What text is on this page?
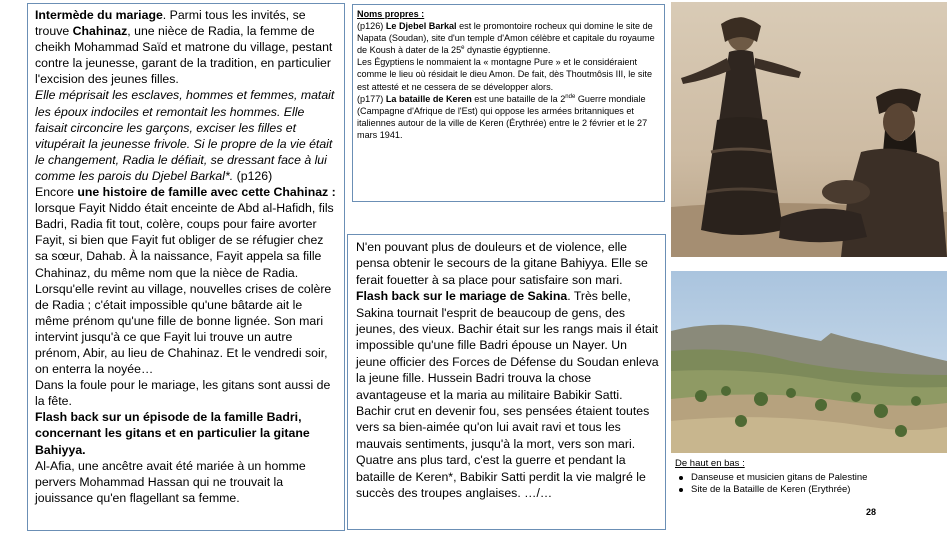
Intermède du mariage. Parmi tous les invités, se trouve Chahinaz, une nièce de Radia, la femme de cheikh Mohammad Saïd et matrone du village, pestant contre la jeunesse, garant de la tradition, en particulier l'excision des jeunes filles.

Elle méprisait les esclaves, hommes et femmes, matait les époux indociles et remontait les hommes. Elle faisait circoncire les garçons, exciser les filles et vitupérait la jeunesse frivole. Si le propre de la vie était le changement, Radia le défiait, se dressant face à lui comme les parois du Djebel Barkal*. (p126)

Encore une histoire de famille avec cette Chahinaz :
lorsque Fayit Niddo était enceinte de Abd al-Hafidh, fils Badri, Radia fit tout, colère, coups pour faire avorter Fayit, si bien que Fayit fut obliger de se réfugier chez sa sœur, Dahab. À la naissance, Fayit appela sa fille Chahinaz, du même nom que la nièce de Radia. Lorsqu'elle revint au village, nouvelles crises de colère de Radia ; c'était impossible qu'une bâtarde ait le même prénom qu'une fille de bonne lignée. Son mari intervint jusqu'à ce que Fayit lui trouve un autre prénom, Abir, au lieu de Chahinaz. Et le vendredi soir, on enterra la noyée…

Dans la foule pour le mariage, les gitans sont aussi de la fête.

Flash back sur un épisode de la famille Badri, concernant les gitans et en particulier la gitane Bahiyya.

Al-Afia, une ancêtre avait été mariée à un homme pervers Mohammad Hassan qui ne trouvait la jouissance qu'en flagellant sa femme.

Noms propres :

(p126) Le Djebel Barkal est le promontoire rocheux qui domine le site de Napata (Soudan), site d'un temple d'Amon célèbre et capitale du royaume de Koush à dater de la 25e dynastie égyptienne.

Les Égyptiens le nommaient la « montagne Pure » et le considéraient comme le lieu où résidait le dieu Amon. De fait, dès Thoutmôsis III, le site est attesté et ne cessera de se développer alors.

(p177) La bataille de Keren est une bataille de la 2nde Guerre mondiale (Campagne d'Afrique de l'Est) qui oppose les armées britanniques et italiennes autour de la ville de Keren (Érythrée) entre le 2 février et le 27 mars 1941.

N'en pouvant plus de douleurs et de violence, elle pensa obtenir le secours de la gitane Bahiyya. Elle se ferait fouetter à sa place pour satisfaire son mari.

Flash back sur le mariage de Sakina. Très belle, Sakina tournait l'esprit de beaucoup de gens, des jeunes, des vieux. Bachir était sur les rangs mais il était impossible qu'une fille Badri épouse un Nayer. Un jeune officier des Forces de Défense du Soudan enleva la jeune fille. Hussein Badri trouva la chose avantageuse et la maria au militaire Babikir Satti. Bachir crut en devenir fou, ses pensées étaient toutes vers sa bien-aimée qu'on lui avait ravi et tous les mauvais sentiments, jusqu'à la mort, vers son mari.

Quatre ans plus tard, c'est la guerre et pendant la bataille de Keren*, Babikir Satti perdit la vie malgré le succès des troupes anglaises. …/…

De haut en bas :

Danseuse et musicien gitans de Palestine
Site de la Bataille de Keren (Erythrée)
28
